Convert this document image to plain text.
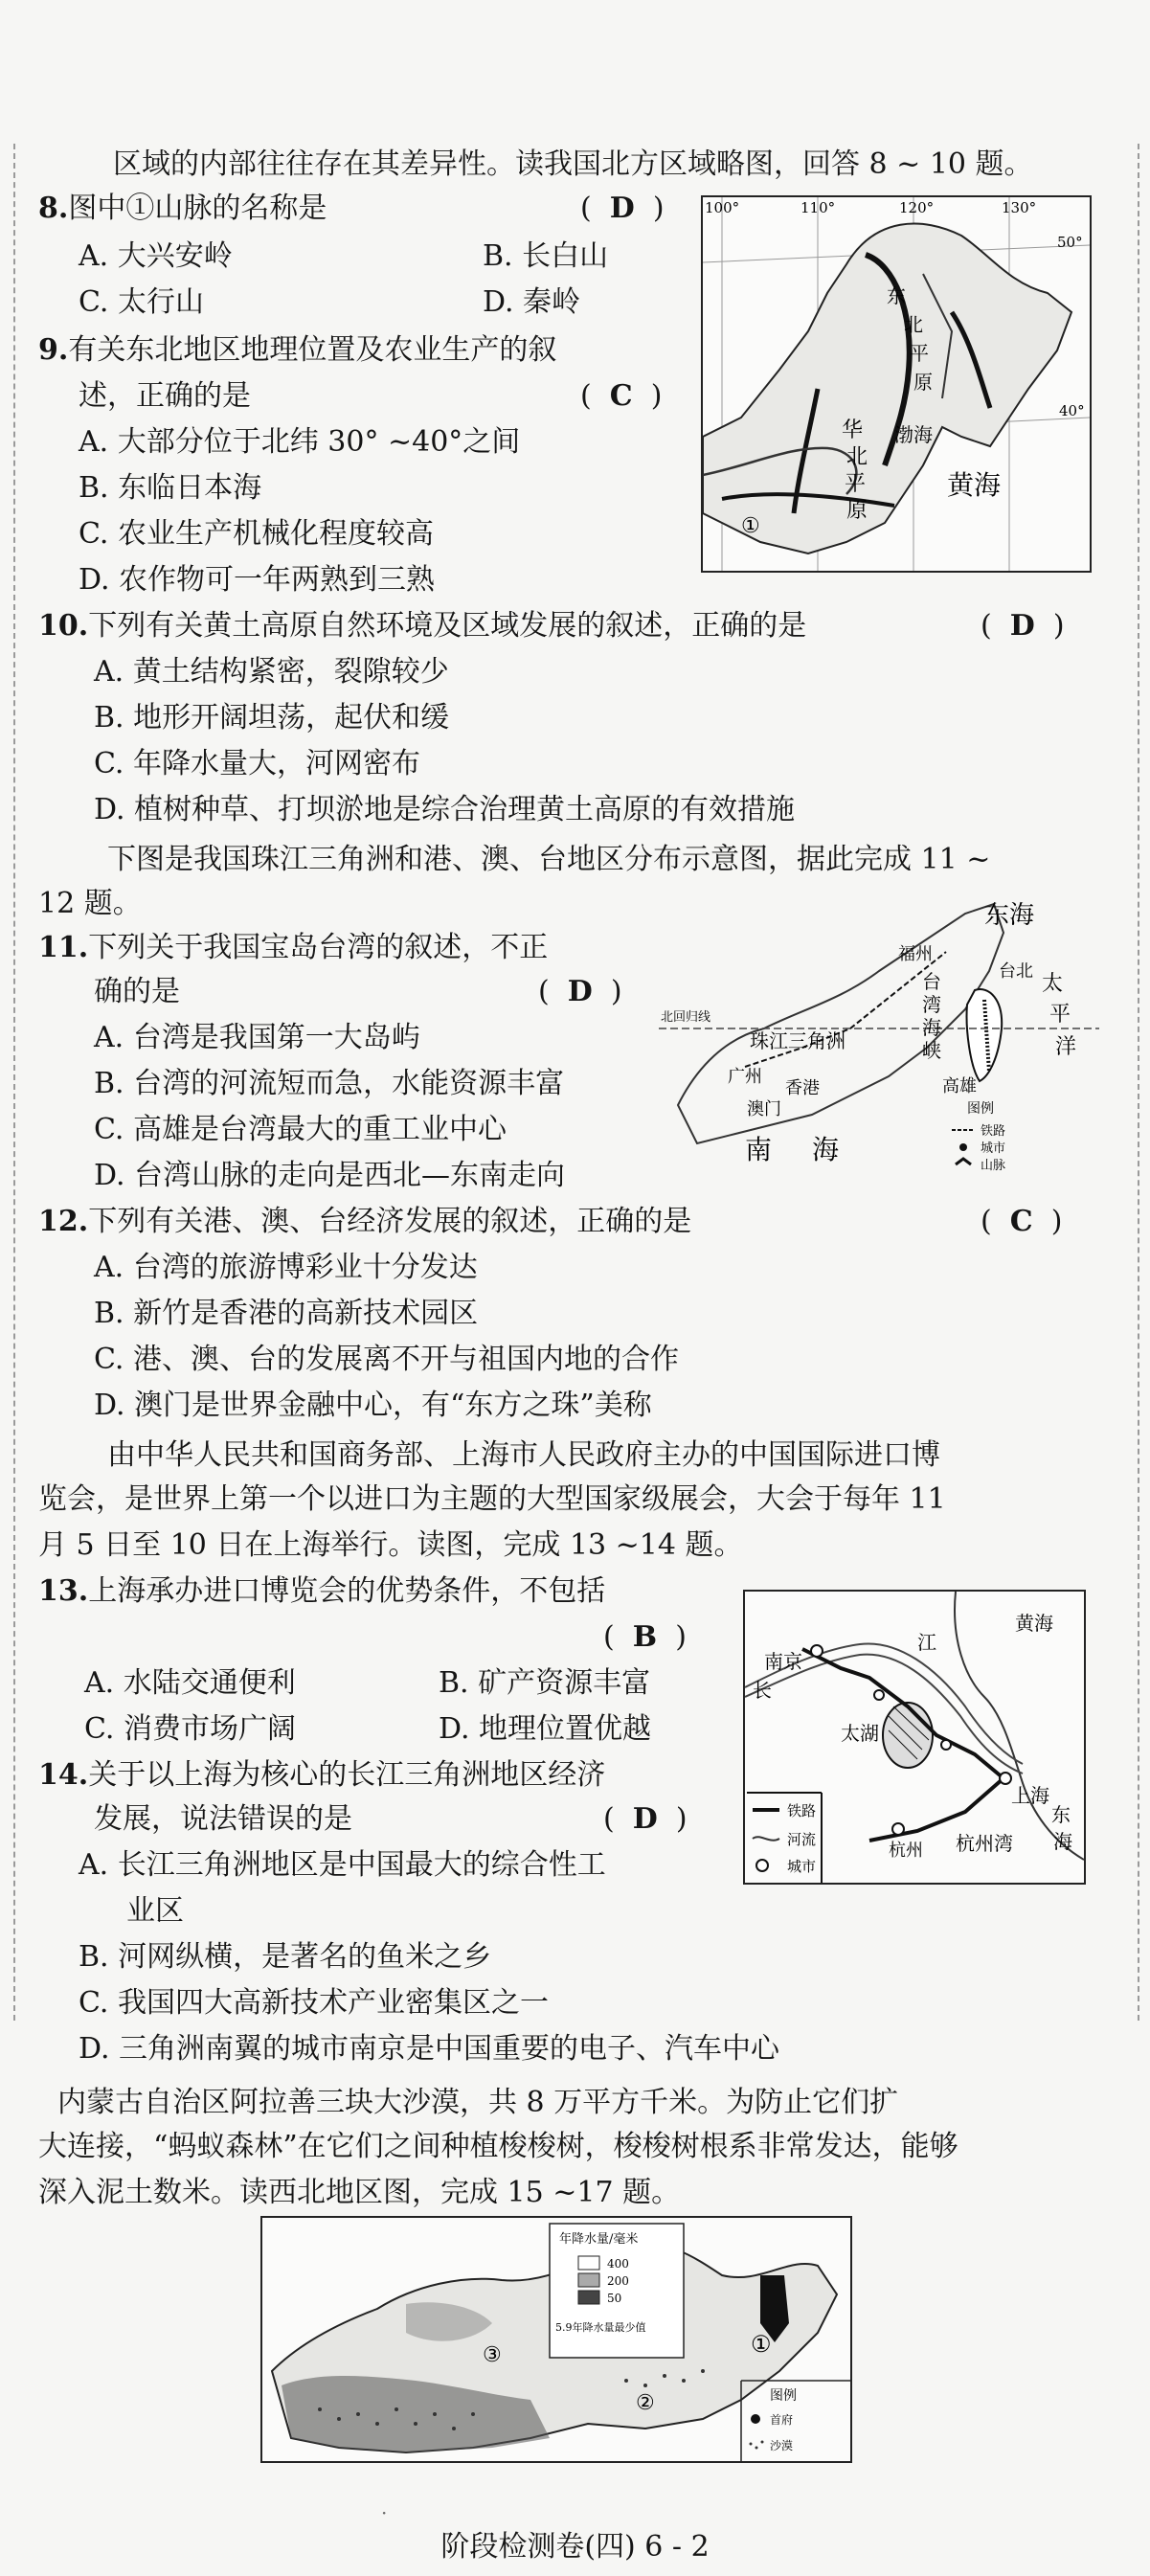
区域的内部往往存在其差异性。读我国北方区域略图，回答 8 ~ 10 题。
8.图中①山脉的名称是	(  D  )
A. 大兴安岭	B. 长白山
C. 太行山	D. 秦岭
9.有关东北地区地理位置及农业生产的叙
述，正确的是	(  C  )
A. 大部分位于北纬 30° ~40°之间
B. 东临日本海
C. 农业生产机械化程度较高
D. 农作物可一年两熟到三熟
100°	110°	120°	130°
50°
40°
东
北
平
原
华
北
平
原
渤海
黄海
①
10.下列有关黄土高原自然环境及区域发展的叙述，正确的是	(  D  )
A. 黄土结构紧密，裂隙较少
B. 地形开阔坦荡，起伏和缓
C. 年降水量大，河网密布
D. 植树种草、打坝淤地是综合治理黄土高原的有效措施
下图是我国珠江三角洲和港、澳、台地区分布示意图，据此完成 11 ~
12 题。
11.下列关于我国宝岛台湾的叙述，不正
确的是	(  D  )
A. 台湾是我国第一大岛屿
B. 台湾的河流短而急，水能资源丰富
C. 高雄是台湾最大的重工业中心
D. 台湾山脉的走向是西北—东南走向
北回归线
东海
台
湾
海
峡
福州
台北
太
平
洋
珠江三角洲
广州
香港
澳门
南 海
高雄
图例
铁路
城市
山脉
12.下列有关港、澳、台经济发展的叙述，正确的是	(  C  )
A. 台湾的旅游博彩业十分发达
B. 新竹是香港的高新技术园区
C. 港、澳、台的发展离不开与祖国内地的合作
D. 澳门是世界金融中心，有“东方之珠”美称
由中华人民共和国商务部、上海市人民政府主办的中国国际进口博
览会，是世界上第一个以进口为主题的大型国家级展会，大会于每年 11
月 5 日至 10 日在上海举行。读图，完成 13 ~14 题。
13.上海承办进口博览会的优势条件，不包括
(  B  )
A. 水陆交通便利	B. 矿产资源丰富
C. 消费市场广阔	D. 地理位置优越
14.关于以上海为核心的长江三角洲地区经济
发展，说法错误的是	(  D  )
A. 长江三角洲地区是中国最大的综合性工
业区
B. 河网纵横，是著名的鱼米之乡
C. 我国四大高新技术产业密集区之一
D. 三角洲南翼的城市南京是中国重要的电子、汽车中心
黄海
江
长
南京
太湖
上海
东
海
杭州湾
杭州
铁路
河流
城市
内蒙古自治区阿拉善三块大沙漠，共 8 万平方千米。为防止它们扩
大连接，“蚂蚁森林”在它们之间种植梭梭树，梭梭树根系非常发达，能够
深入泥土数米。读西北地区图，完成 15 ~17 题。
年降水量/毫米
400
200
50
5.9年降水量最少值
①
②
③
图例
首府
沙漠
·
阶段检测卷(四) 6 - 2
